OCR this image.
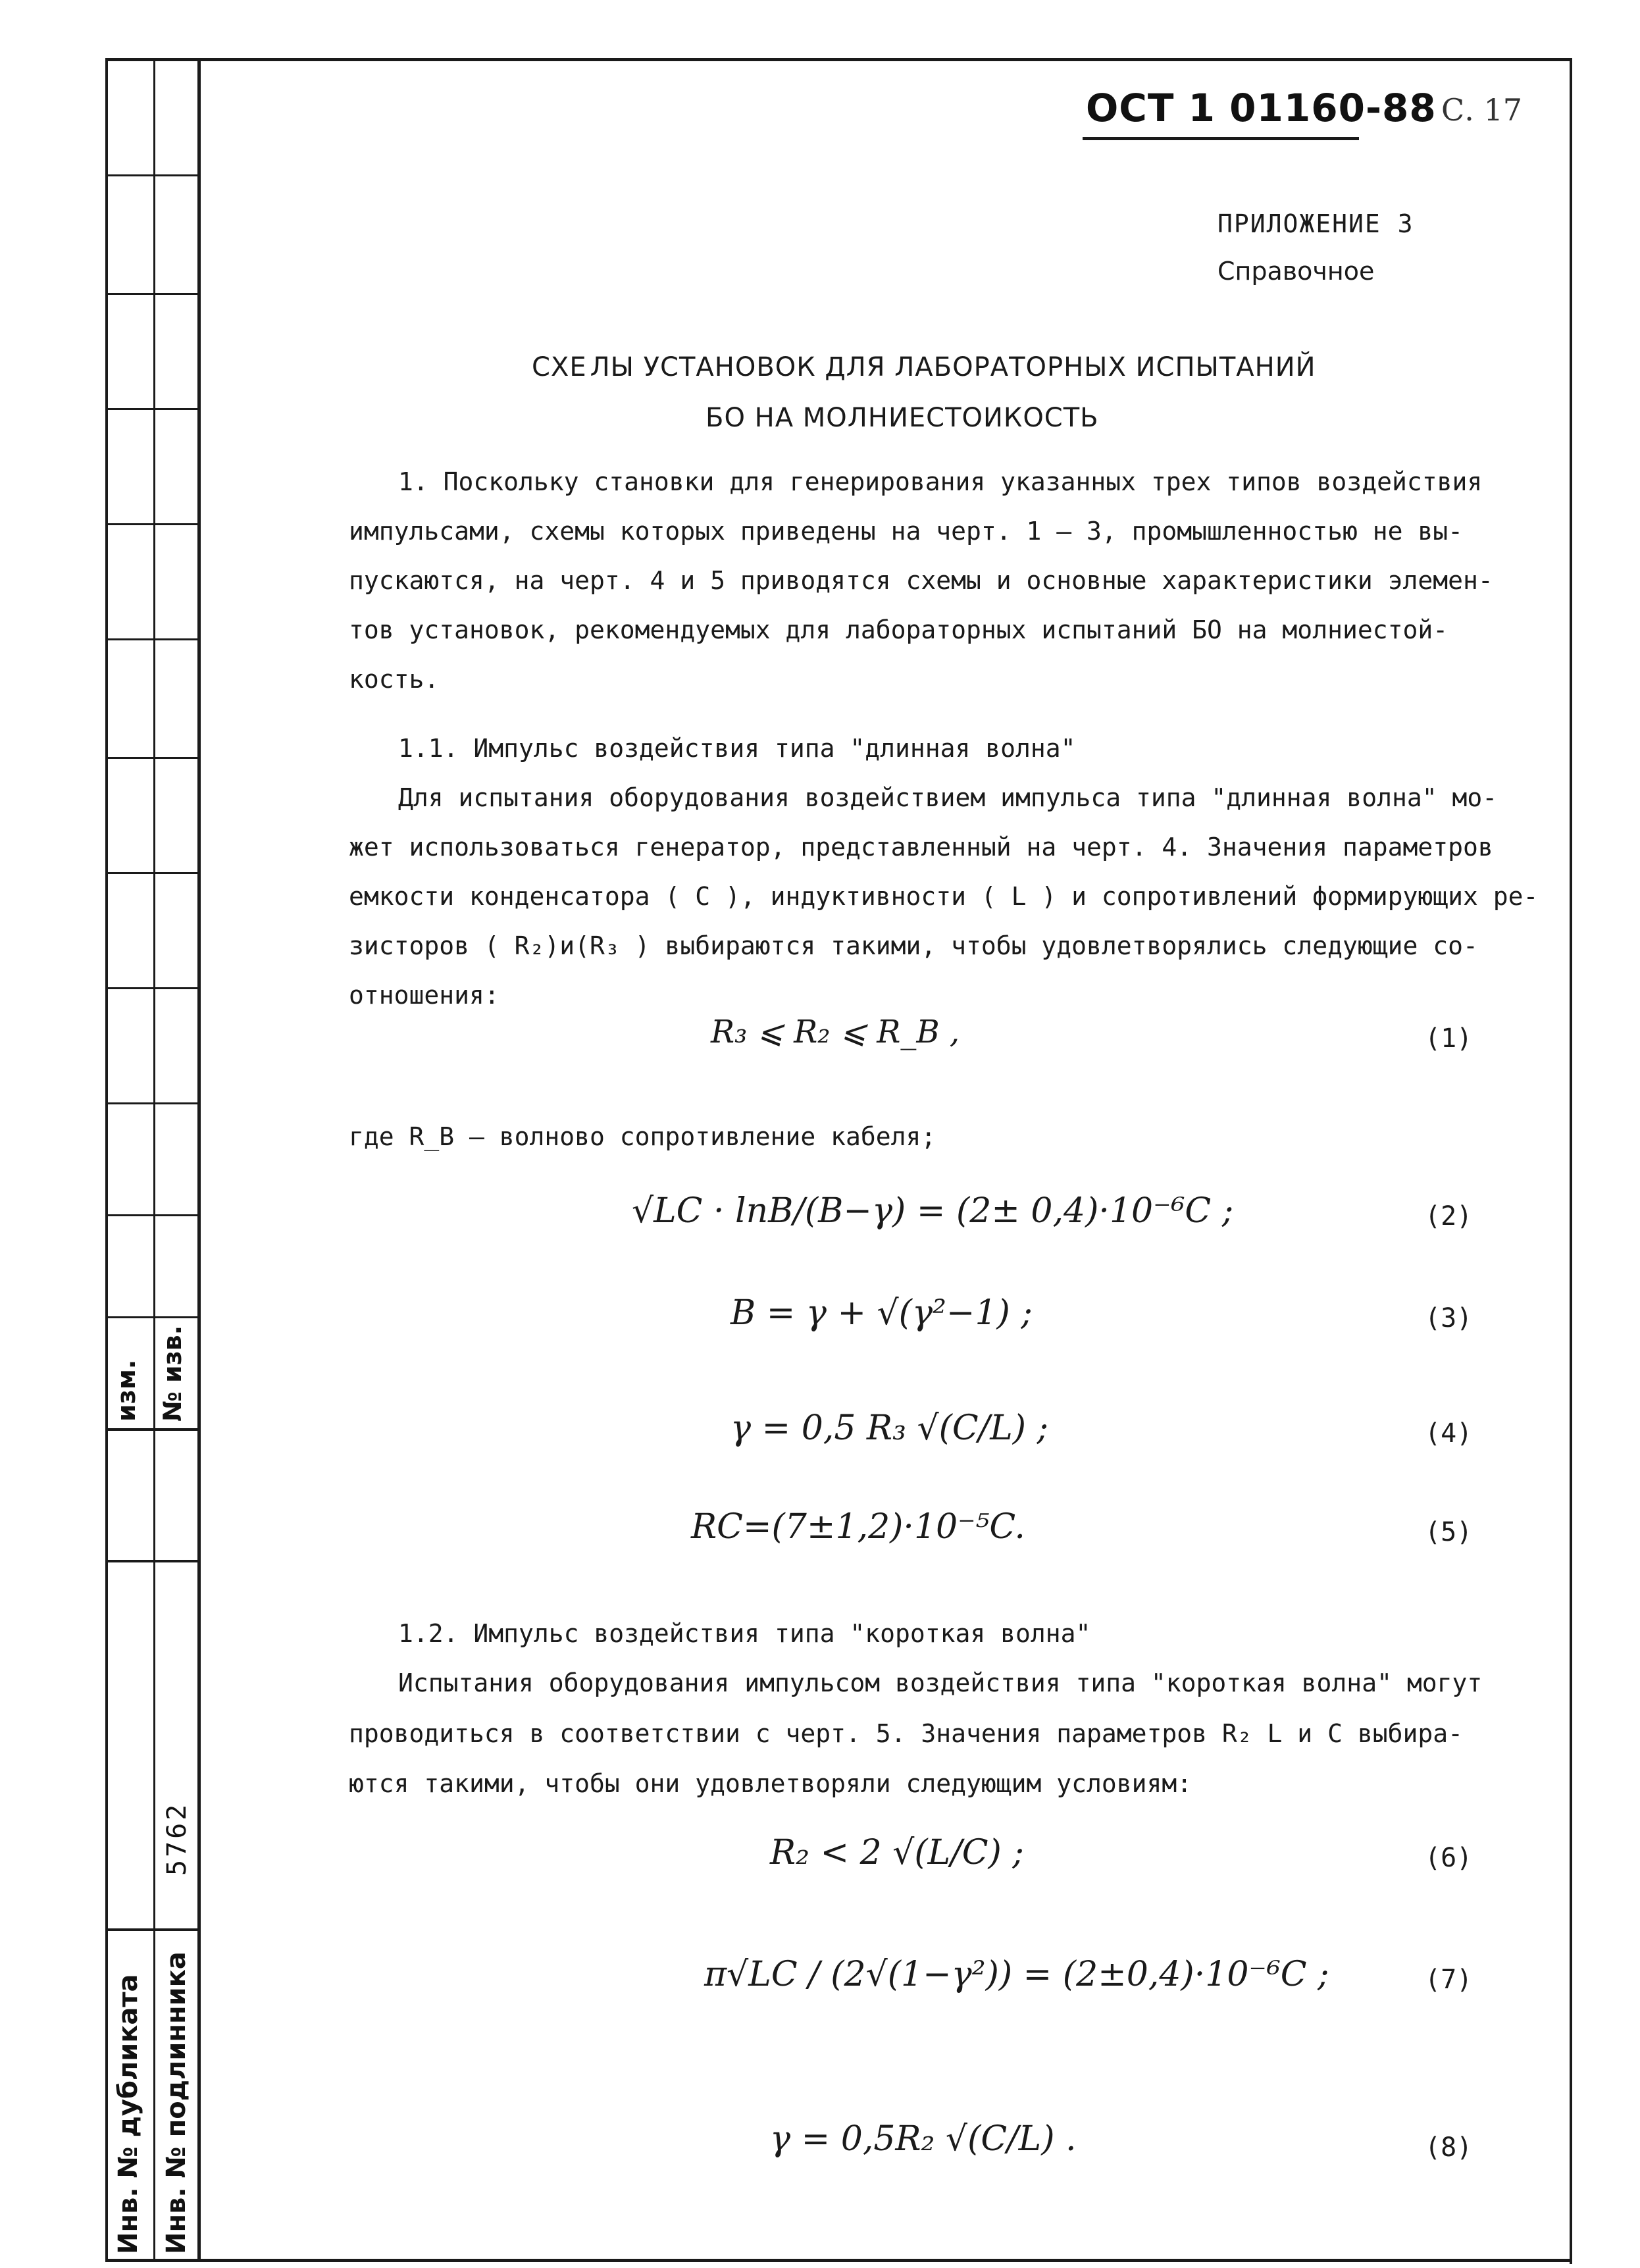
№ изв.
изм.
5762
Инв. № дубликата Инв. № подлинника
ОСТ 1 01160-88 С. 17
ПРИЛОЖЕНИЕ 3
Справочное
СХЕ ЛЫ УСТАНОВОК ДЛЯ ЛАБОРАТОРНЫХ ИСПЫТАНИЙ
БО НА МОЛНИЕСТОИКОСТЬ
1. Поскольку становки для генерирования указанных трех типов воздействия
импульсами, схемы которых приведены на черт. 1 – 3, промышленностью не вы-
пускаются, на черт. 4 и 5 приводятся схемы и основные характеристики элемен-
тов установок, рекомендуемых для лабораторных испытаний БО на молниестой-
кость.
1.1. Импульс воздействия типа "длинная волна"
Для испытания оборудования воздействием импульса типа "длинная волна" мо-
жет использоваться генератор, представленный на черт. 4. Значения параметров
емкости конденсатора ( C ), индуктивности ( L ) и сопротивлений формирующих ре-
зисторов ( R₂)и(R₃ ) выбираются такими, чтобы удовлетворялись следующие со-
отношения:
R₃ ⩽ R₂ ⩽ R_B ,	(1)
где R_B – волново сопротивление кабеля;
√LC · lnB/(B−γ) = (2± 0,4)·10⁻⁶C ;	(2)
B = γ + √(γ²−1) ;	(3)
γ = 0,5 R₃ √(C/L) ;	(4)
RC=(7±1,2)·10⁻⁵C.	(5)
1.2. Импульс воздействия типа "короткая волна"
Испытания оборудования импульсом воздействия типа "короткая волна" могут
проводиться в соответствии с черт. 5. Значения параметров R₂ L и C выбира-
ются такими, чтобы они удовлетворяли следующим условиям:
R₂ < 2 √(L/C) ;	(6)
π√LC / (2√(1−γ²)) = (2±0,4)·10⁻⁶C ;	(7)
γ = 0,5R₂ √(C/L) .	(8)
